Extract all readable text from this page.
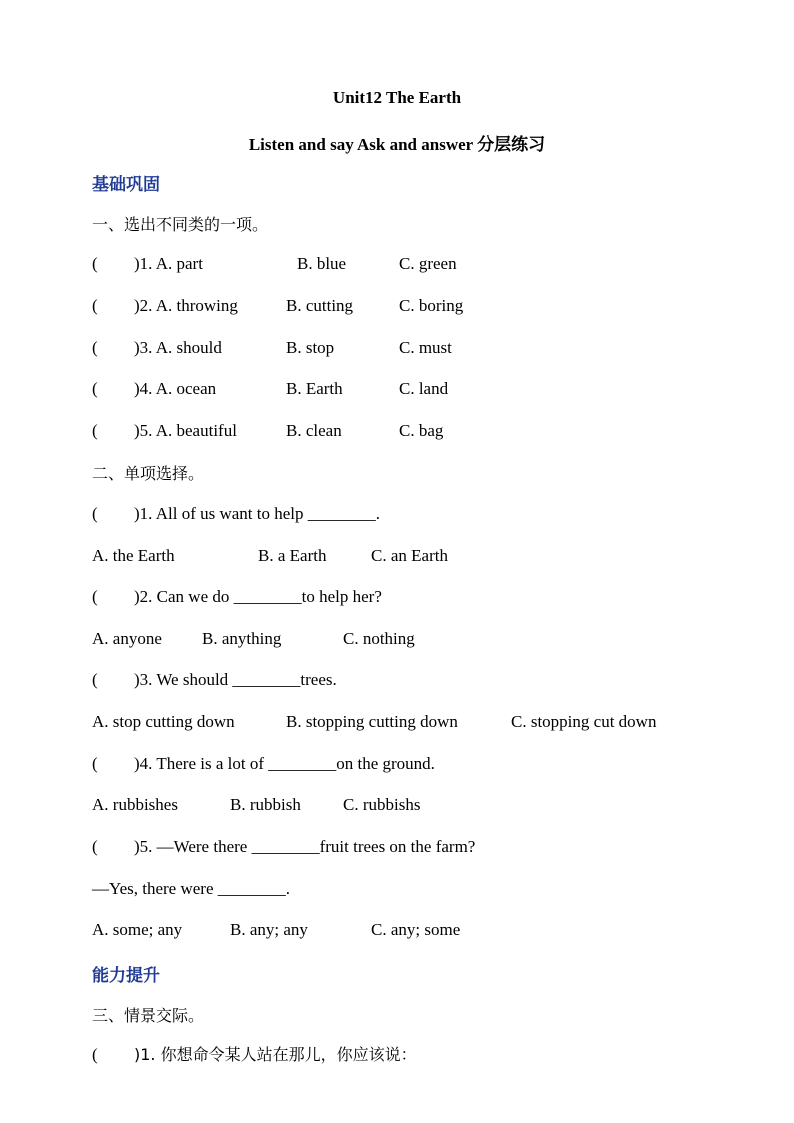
Unit12 The Earth
Listen and say Ask and answer 分层练习
基础巩固
一、选出不同类的一项。
( )1. A. part	B. blue	C. green
( )2. A. throwing	B. cutting	C. boring
( )3. A. should	B. stop	C. must
( )4. A. ocean	B. Earth	C. land
( )5. A. beautiful	B. clean	C. bag
二、单项选择。
( )1. All of us want to help ________.
A. the Earth	B. a Earth	C. an Earth
( )2. Can we do ________to help her?
A. anyone B. anything	C. nothing
( )3. We should ________trees.
A. stop cutting down	B. stopping cutting down	C. stopping cut down
( )4. There is a lot of ________on the ground.
A. rubbishes	B. rubbish C. rubbishs
( )5. —Were there ________fruit trees on the farm?
—Yes, there were ________.
A. some; any	B. any; any	C. any; some
能力提升
三、情景交际。
( )1. 你想命令某人站在那儿，你应该说：
